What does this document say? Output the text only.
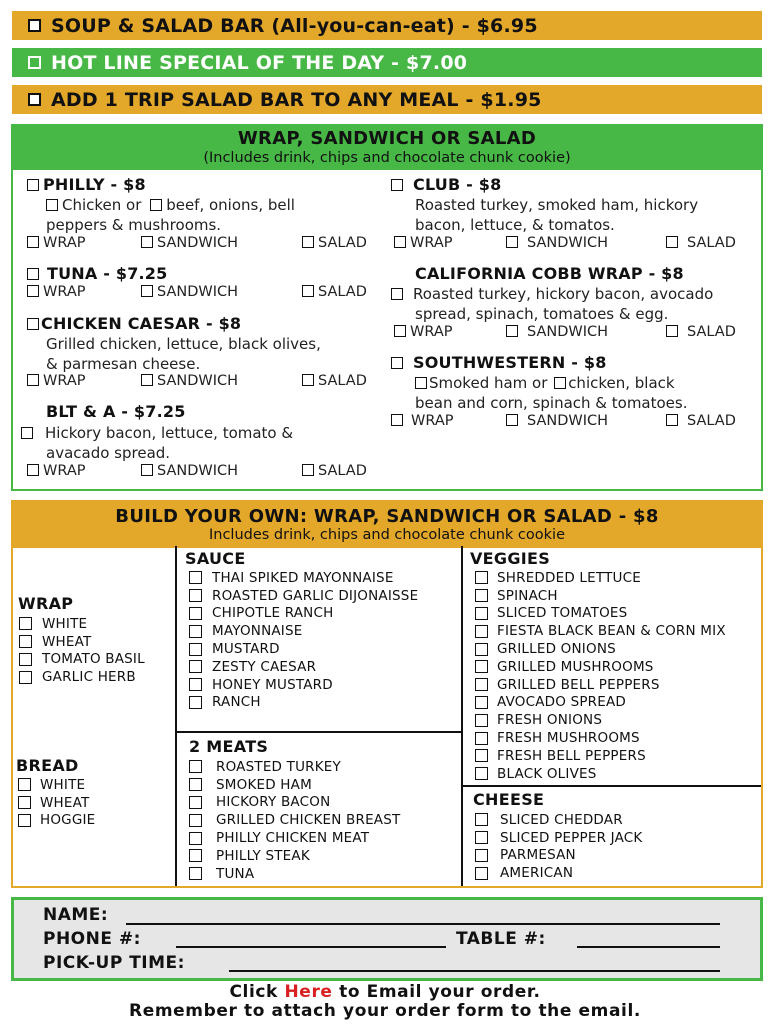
SOUP & SALAD BAR (All-you-can-eat) - $6.95
HOT LINE SPECIAL OF THE DAY - $7.00
ADD 1 TRIP SALAD BAR TO ANY MEAL - $1.95
WRAP, SANDWICH OR SALAD
(Includes drink, chips and chocolate chunk cookie)
PHILLY - $8
Chicken or beef, onions, bell
peppers & mushrooms.
WRAP	SANDWICH	SALAD
TUNA - $7.25
WRAP	SANDWICH	SALAD
CHICKEN CAESAR - $8
Grilled chicken, lettuce, black olives,
& parmesan cheese.
WRAP	SANDWICH	SALAD
BLT & A - $7.25
Hickory bacon, lettuce, tomato &
avacado spread.
WRAP	SANDWICH	SALAD
CLUB - $8
Roasted turkey, smoked ham, hickory
bacon, lettuce, & tomatos.
WRAP	SANDWICH	SALAD
CALIFORNIA COBB WRAP - $8
Roasted turkey, hickory bacon, avocado
spread, spinach, tomatoes & egg.
WRAP	SANDWICH	SALAD
SOUTHWESTERN - $8
Smoked ham or chicken, black
bean and corn, spinach & tomatoes.
WRAP	SANDWICH	SALAD
BUILD YOUR OWN: WRAP, SANDWICH OR SALAD - $8
Includes drink, chips and chocolate chunk cookie
WRAP
WHITE
WHEAT
TOMATO BASIL
GARLIC HERB
BREAD
WHITE
WHEAT
HOGGIE
SAUCE
THAI SPIKED MAYONNAISE
ROASTED GARLIC DIJONAISSE
CHIPOTLE RANCH
MAYONNAISE
MUSTARD
ZESTY CAESAR
HONEY MUSTARD
RANCH
2 MEATS
ROASTED TURKEY
SMOKED HAM
HICKORY BACON
GRILLED CHICKEN BREAST
PHILLY CHICKEN MEAT
PHILLY STEAK
TUNA
VEGGIES
SHREDDED LETTUCE
SPINACH
SLICED TOMATOES
FIESTA BLACK BEAN & CORN MIX
GRILLED ONIONS
GRILLED MUSHROOMS
GRILLED BELL PEPPERS
AVOCADO SPREAD
FRESH ONIONS
FRESH MUSHROOMS
FRESH BELL PEPPERS
BLACK OLIVES
CHEESE
SLICED CHEDDAR
SLICED PEPPER JACK
PARMESAN
AMERICAN
NAME:
PHONE #:	TABLE #:
PICK-UP TIME:
Click Here to Email your order.
Remember to attach your order form to the email.
